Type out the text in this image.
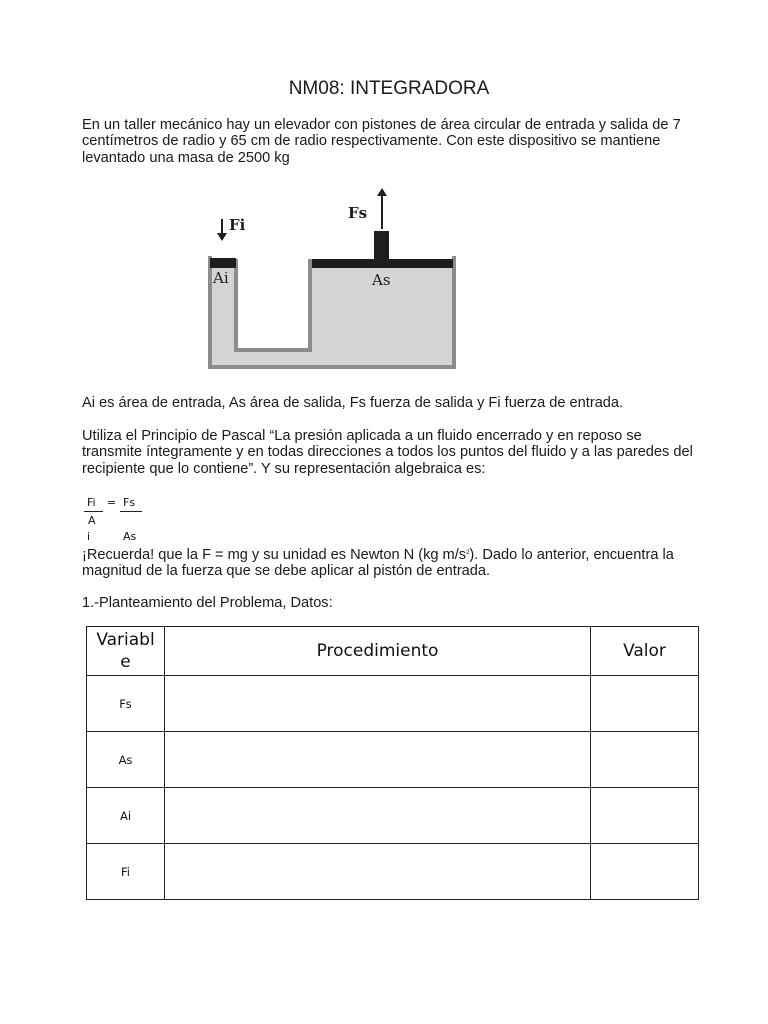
NM08: INTEGRADORA

En un taller mecánico hay un elevador con pistones de área circular de entrada y salida de 7 centímetros de radio y 65 cm de radio respectivamente. Con este dispositivo se mantiene levantado una masa de 2500 kg

Fi
Fs
Ai	As

Ai es área de entrada, As área de salida, Fs fuerza de salida y Fi fuerza de entrada.

Utiliza el Principio de Pascal “La presión aplicada a un fluido encerrado y en reposo se transmite íntegramente y en todas direcciones a todos los puntos del fluido y a las paredes del recipiente que lo contiene”. Y su representación algebraica es:

Fi = Fs
A
i	As

¡Recuerda! que la F = mg y su unidad es Newton N (kg $m/s^2$). Dado lo anterior, encuentra la magnitud de la fuerza que se debe aplicar al pistón de entrada.

1.-Planteamiento del Problema, Datos:

Variable	Procedimiento	Valor
Fs		
As		
Ai		
Fi		
